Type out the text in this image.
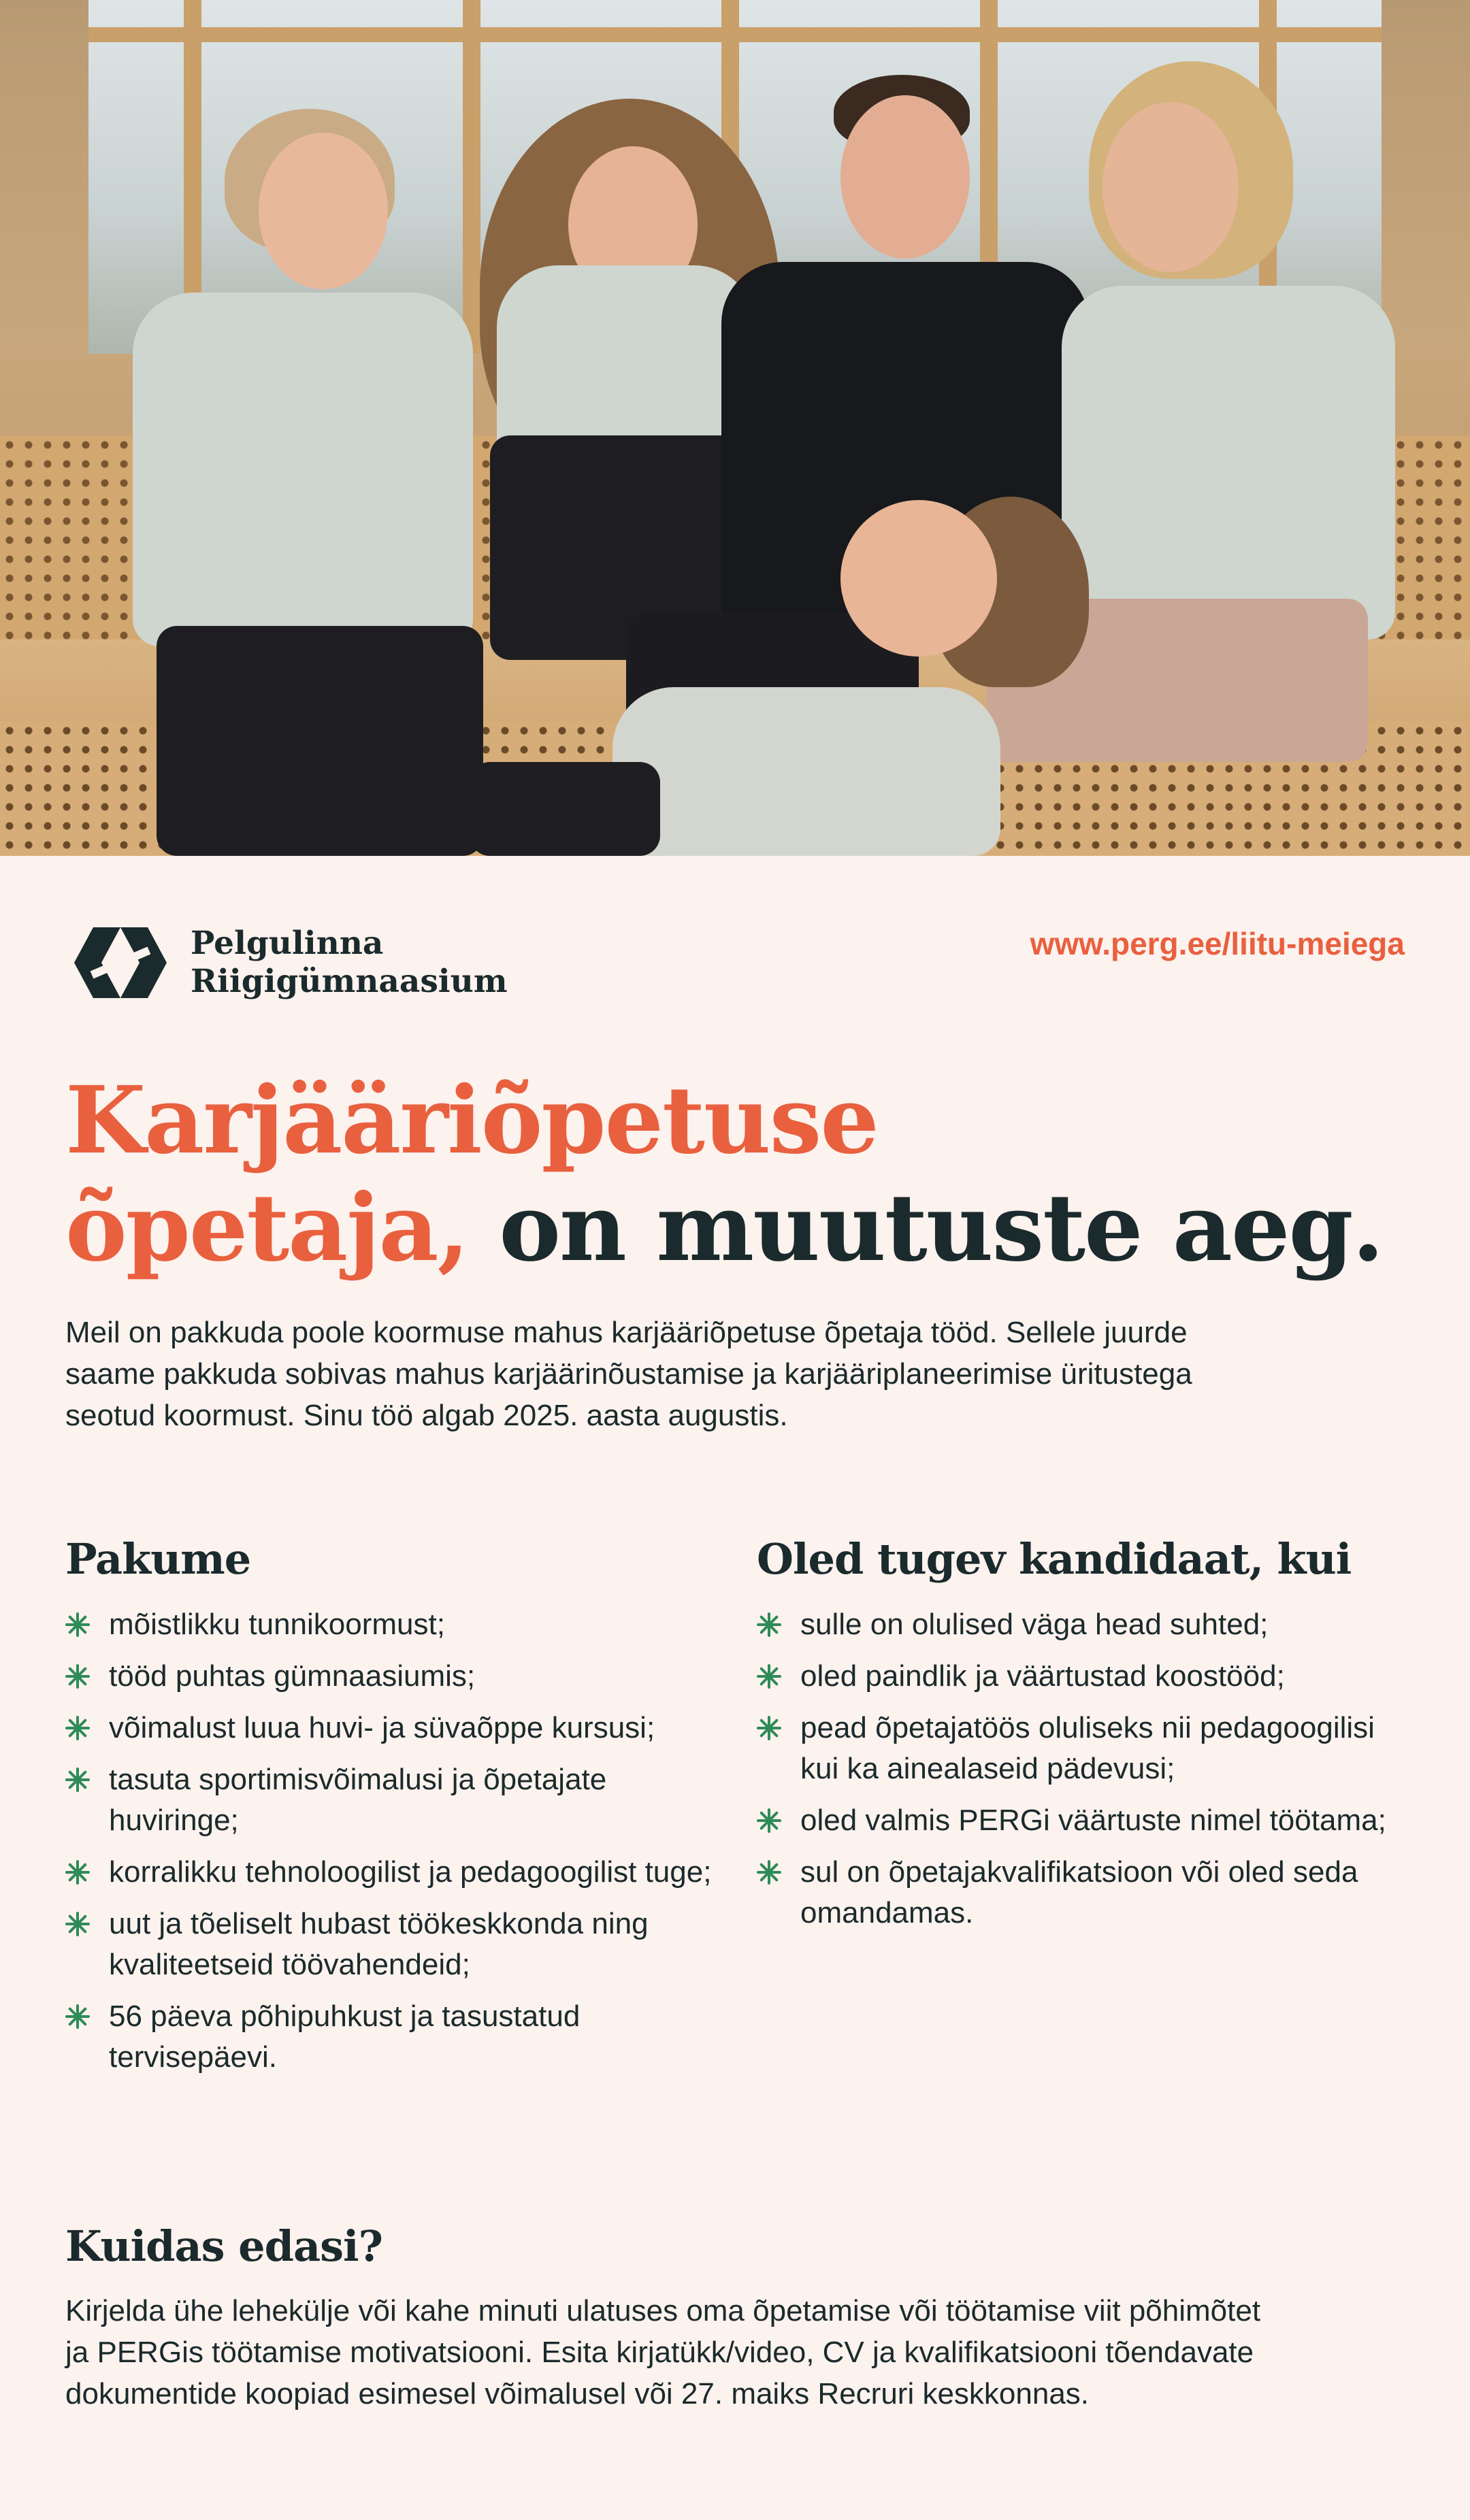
Pelgulinna
Riigigümnaasium
www.perg.ee/liitu-meiega
Karjääriõpetuse
õpetaja, on muutuste aeg.

Meil on pakkuda poole koormuse mahus karjääriõpetuse õpetaja tööd. Sellele juurde saame pakkuda sobivas mahus karjäärinõustamise ja karjääriplaneerimise üritustega seotud koormust. Sinu töö algab 2025. aasta augustis.

Pakume
mõistlikku tunnikoormust;
tööd puhtas gümnaasiumis;
võimalust luua huvi- ja süvaõppe kursusi;
tasuta sportimisvõimalusi ja õpetajate huviringe;
korralikku tehnoloogilist ja pedagoogilist tuge;
uut ja tõeliselt hubast töökeskkonda ning kvaliteetseid töövahendeid;
56 päeva põhipuhkust ja tasustatud tervisepäevi.
Oled tugev kandidaat, kui
sulle on olulised väga head suhted;
oled paindlik ja väärtustad koostööd;
pead õpetajatöös oluliseks nii pedagoogilisi kui ka ainealaseid pädevusi;
oled valmis PERGi väärtuste nimel töötama;
sul on õpetajakvalifikatsioon või oled seda omandamas.
Kuidas edasi?

Kirjelda ühe lehekülje või kahe minuti ulatuses oma õpetamise või töötamise viit põhimõtet ja PERGis töötamise motivatsiooni. Esita kirjatükk/video, CV ja kvalifikatsiooni tõendavate dokumentide koopiad esimesel võimalusel või 27. maiks Recruri keskkonnas.
